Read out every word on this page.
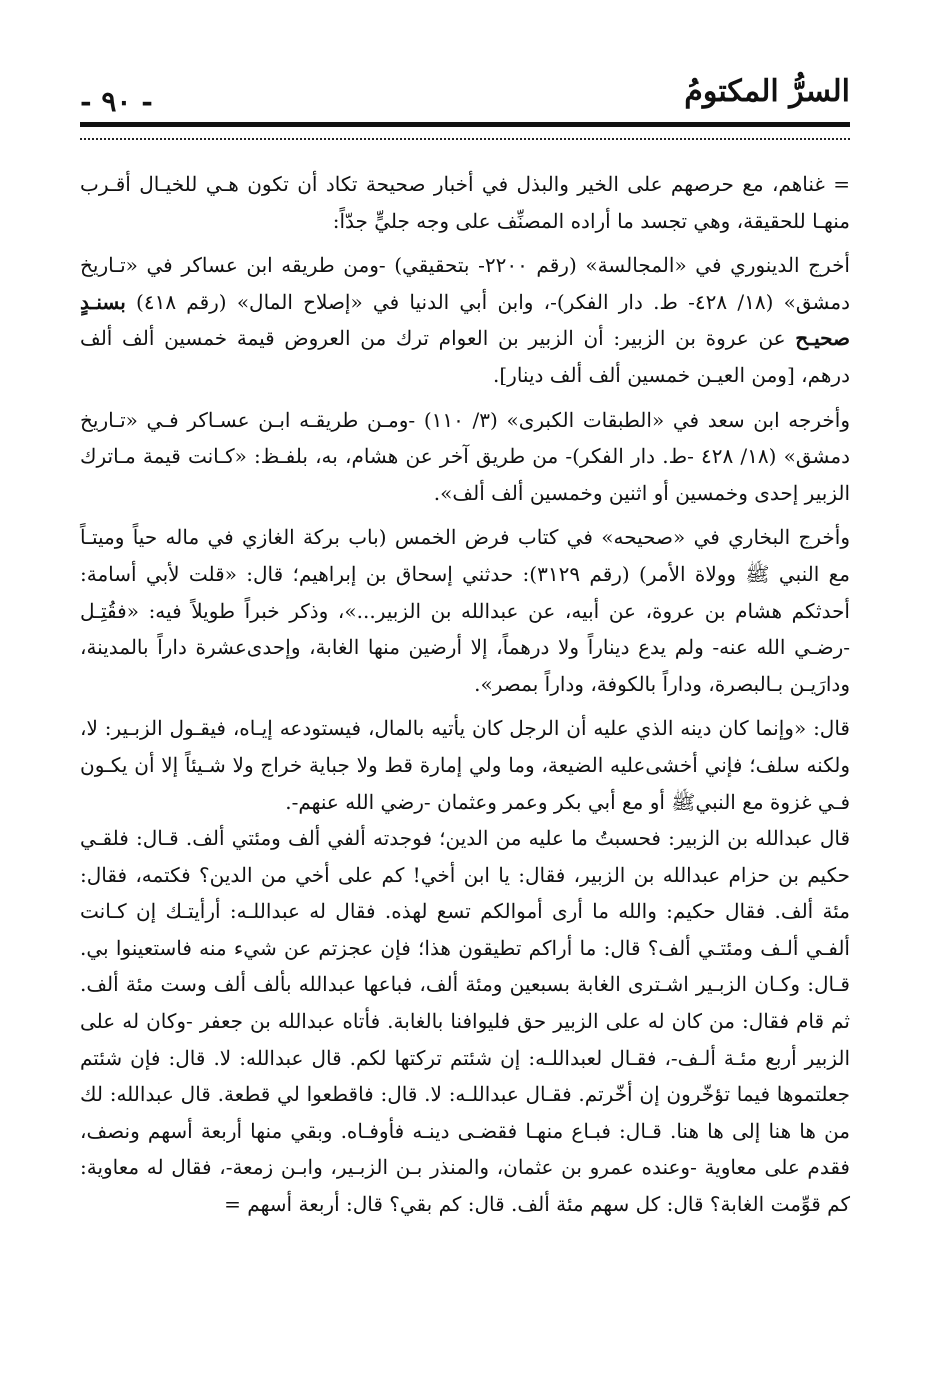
السرُّ المكتومُ
- ٩٠ -

= غناهم، مع حرصهم على الخير والبذل في أخبار صحيحة تكاد أن تكون هـي للخيـال أقـرب منهـا للحقيقة، وهي تجسد ما أراده المصنِّف على وجه جليٍّ جدّاً:

أخرج الدينوري في «المجالسة» (رقم ٢٢٠٠- بتحقيقي) -ومن طريقه ابن عساكر في «تـاريخ دمشق» (١٨/ ٤٢٨- ط. دار الفكر)-، وابن أبي الدنيا في «إصلاح المال» (رقم ٤١٨) بسنـدٍ صحيـح عن عروة بن الزبير: أن الزبير بن العوام ترك من العروض قيمة خمسين ألف ألف درهم، [ومن العيـن خمسين ألف ألف دينار].

وأخرجه ابن سعد في «الطبقات الكبرى» (٣/ ١١٠) -ومـن طريقـه ابـن عسـاكر فـي «تـاريخ دمشق» (١٨/ ٤٢٨ -ط. دار الفكر)- من طريق آخر عن هشام، به، بلفـظ: «كـانت قيمة مـاترك الزبير إحدى وخمسين أو اثنين وخمسين ألف ألف».

وأخرج البخاري في «صحيحه» في كتاب فرض الخمس (باب بركة الغازي في ماله حياً وميتـاً مع النبي ﷺ وولاة الأمر) (رقم ٣١٢٩): حدثني إسحاق بن إبراهيم؛ قال: «قلت لأبي أسامة: أحدثكم هشام بن عروة، عن أبيه، عن عبدالله بن الزبير...»، وذكر خبراً طويلاً فيه: «فقُتِـل -رضـي الله عنه- ولم يدع ديناراً ولا درهماً، إلا أرضين منها الغابة، وإحدى‌عشرة داراً بالمدينة، ودارَيـن بـالبصرة، وداراً بالكوفة، وداراً بمصر».

قال: «وإنما كان دينه الذي عليه أن الرجل كان يأتيه بالمال، فيستودعه إيـاه، فيقـول الزبـير: لا، ولكنه سلف؛ فإني أخشى‌عليه الضيعة، وما ولي إمارة قط ولا جباية خراج ولا شـيئاً إلا أن يكـون فـي غزوة مع النبيﷺ أو مع أبي بكر وعمر وعثمان -رضي الله عنهم-.

قال عبدالله بن الزبير: فحسبتُ ما عليه من الدين؛ فوجدته ألفي ألف ومئتي ألف. قـال: فلقـي حكيم بن حزام عبدالله بن الزبير، فقال: يا ابن أخي! كم على أخي من الدين؟ فكتمه، فقال: مئة ألف. فقال حكيم: والله ما أرى أموالكم تسع لهذه. فقال له عبداللـه: أرأيتـك إن كـانت ألفـي ألـف ومئتـي ألف؟ قال: ما أراكم تطيقون هذا؛ فإن عجزتم عن شيء منه فاستعينوا بي. قـال: وكـان الزبـير اشـترى الغابة بسبعين ومئة ألف، فباعها عبدالله بألف ألف وست مئة ألف. ثم قام فقال: من كان له على الزبير حق فليوافنا بالغابة. فأتاه عبدالله بن جعفر -وكان له على الزبير أربع مئـة ألـف-، فقـال لعبداللـه: إن شئتم تركتها لكم. قال عبدالله: لا. قال: فإن شئتم جعلتموها فيما تؤخّرون إن أخّرتم. فقـال عبداللـه: لا. قال: فاقطعوا لي قطعة. قال عبدالله: لك من ها هنا إلى ها هنا. قـال: فبـاع منهـا فقضـى دينـه فأوفـاه. وبقي منها أربعة أسهم ونصف، فقدم على معاوية -وعنده عمرو بن عثمان، والمنذر بـن الزبـير، وابـن زمعة-، فقال له معاوية: كم قوِّمت الغابة؟ قال: كل سهم مئة ألف. قال: كم بقي؟ قال: أربعة أسهم =
